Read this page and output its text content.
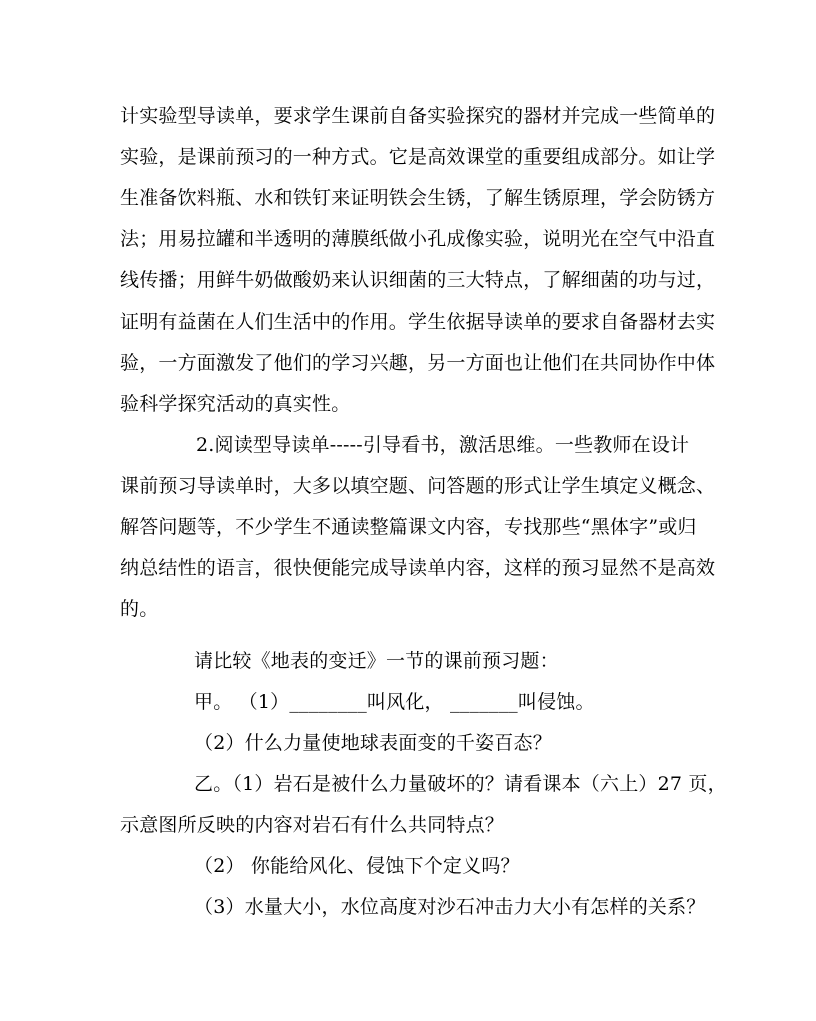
计实验型导读单，要求学生课前自备实验探究的器材并完成一些简单的
实验，是课前预习的一种方式。它是高效课堂的重要组成部分。如让学
生准备饮料瓶、水和铁钉来证明铁会生锈，了解生锈原理，学会防锈方
法；用易拉罐和半透明的薄膜纸做小孔成像实验，说明光在空气中沿直
线传播；用鲜牛奶做酸奶来认识细菌的三大特点，了解细菌的功与过，
证明有益菌在人们生活中的作用。学生依据导读单的要求自备器材去实
验，一方面激发了他们的学习兴趣，另一方面也让他们在共同协作中体
验科学探究活动的真实性。
2.阅读型导读单-----引导看书，激活思维。一些教师在设计
课前预习导读单时，大多以填空题、问答题的形式让学生填定义概念、
解答问题等，不少学生不通读整篇课文内容，专找那些“黑体字”或归
纳总结性的语言，很快便能完成导读单内容，这样的预习显然不是高效
的。
请比较《地表的变迁》一节的课前预习题：
甲。 （1）________叫风化， _______叫侵蚀。
（2）什么力量使地球表面变的千姿百态？
乙。（1）岩石是被什么力量破坏的？请看课本（六上）27 页，
示意图所反映的内容对岩石有什么共同特点？
（2） 你能给风化、侵蚀下个定义吗？
（3）水量大小，水位高度对沙石冲击力大小有怎样的关系？
